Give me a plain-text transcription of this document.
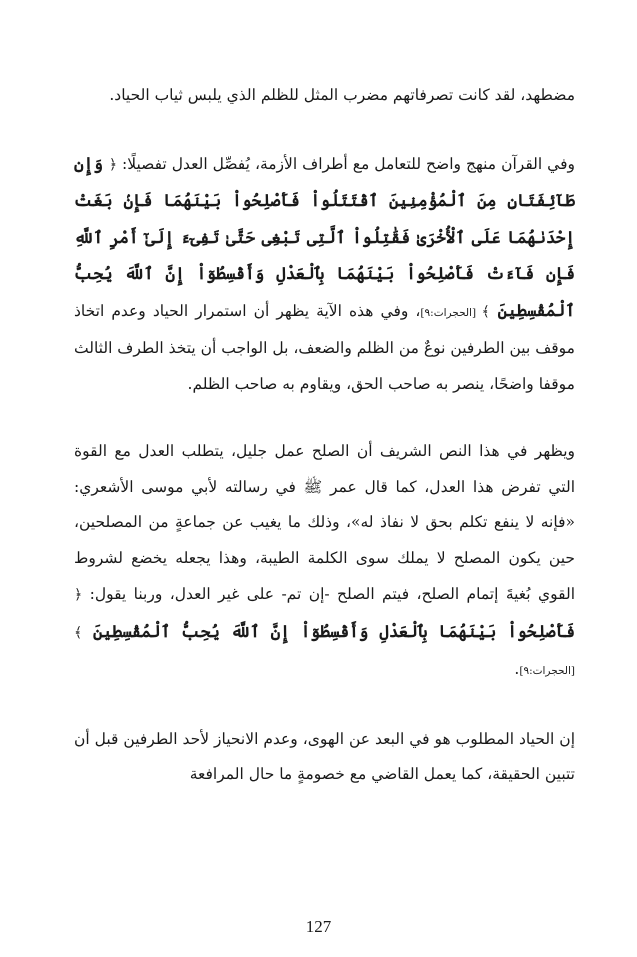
مضطهد، لقد كانت تصرفاتهم مضرب المثل للظلم الذي يلبس ثياب الحياد.

وفي القرآن منهج واضح للتعامل مع أطراف الأزمة، يُفصِّل العدل تفصيلًا: ﴿ وَإِن طَآئِفَتَانِ مِنَ ٱلْمُؤْمِنِينَ ٱقْتَتَلُواْ فَأَصْلِحُواْ بَيْنَهُمَا فَإِنۢ بَغَتْ إِحْدَىٰهُمَا عَلَى ٱلْأُخْرَىٰ فَقَٰتِلُواْ ٱلَّتِى تَبْغِى حَتَّىٰ تَفِىٓءَ إِلَىٰٓ أَمْرِ ٱللَّهِ فَإِن فَآءَتْ فَأَصْلِحُواْ بَيْنَهُمَا بِٱلْعَدْلِ وَأَقْسِطُوٓاْ إِنَّ ٱللَّهَ يُحِبُّ ٱلْمُقْسِطِينَ ﴾ [الحجرات:٩]، وفي هذه الآية يظهر أن استمرار الحياد وعدم اتخاذ موقف بين الطرفين نوعٌ من الظلم والضعف، بل الواجب أن يتخذ الطرف الثالث موقفا واضحًا، ينصر به صاحب الحق، ويقاوم به صاحب الظلم.

ويظهر في هذا النص الشريف أن الصلح عمل جليل، يتطلب العدل مع القوة التي تفرض هذا العدل، كما قال عمر ﷺ في رسالته لأبي موسى الأشعري: «فإنه لا ينفع تكلم بحق لا نفاذ له»، وذلك ما يغيب عن جماعةٍ من المصلحين، حين يكون المصلح لا يملك سوى الكلمة الطيبة، وهذا يجعله يخضع لشروط القوي بُغيةَ إتمام الصلح، فيتم الصلح -إن تم- على غير العدل، وربنا يقول: ﴿ فَأَصْلِحُواْ بَيْنَهُمَا بِٱلْعَدْلِ وَأَقْسِطُوٓاْ إِنَّ ٱللَّهَ يُحِبُّ ٱلْمُقْسِطِينَ ﴾ [الحجرات:٩].

إن الحياد المطلوب هو في البعد عن الهوى، وعدم الانحياز لأحد الطرفين قبل أن تتبين الحقيقة، كما يعمل القاضي مع خصومةٍ ما حال المرافعة

127
